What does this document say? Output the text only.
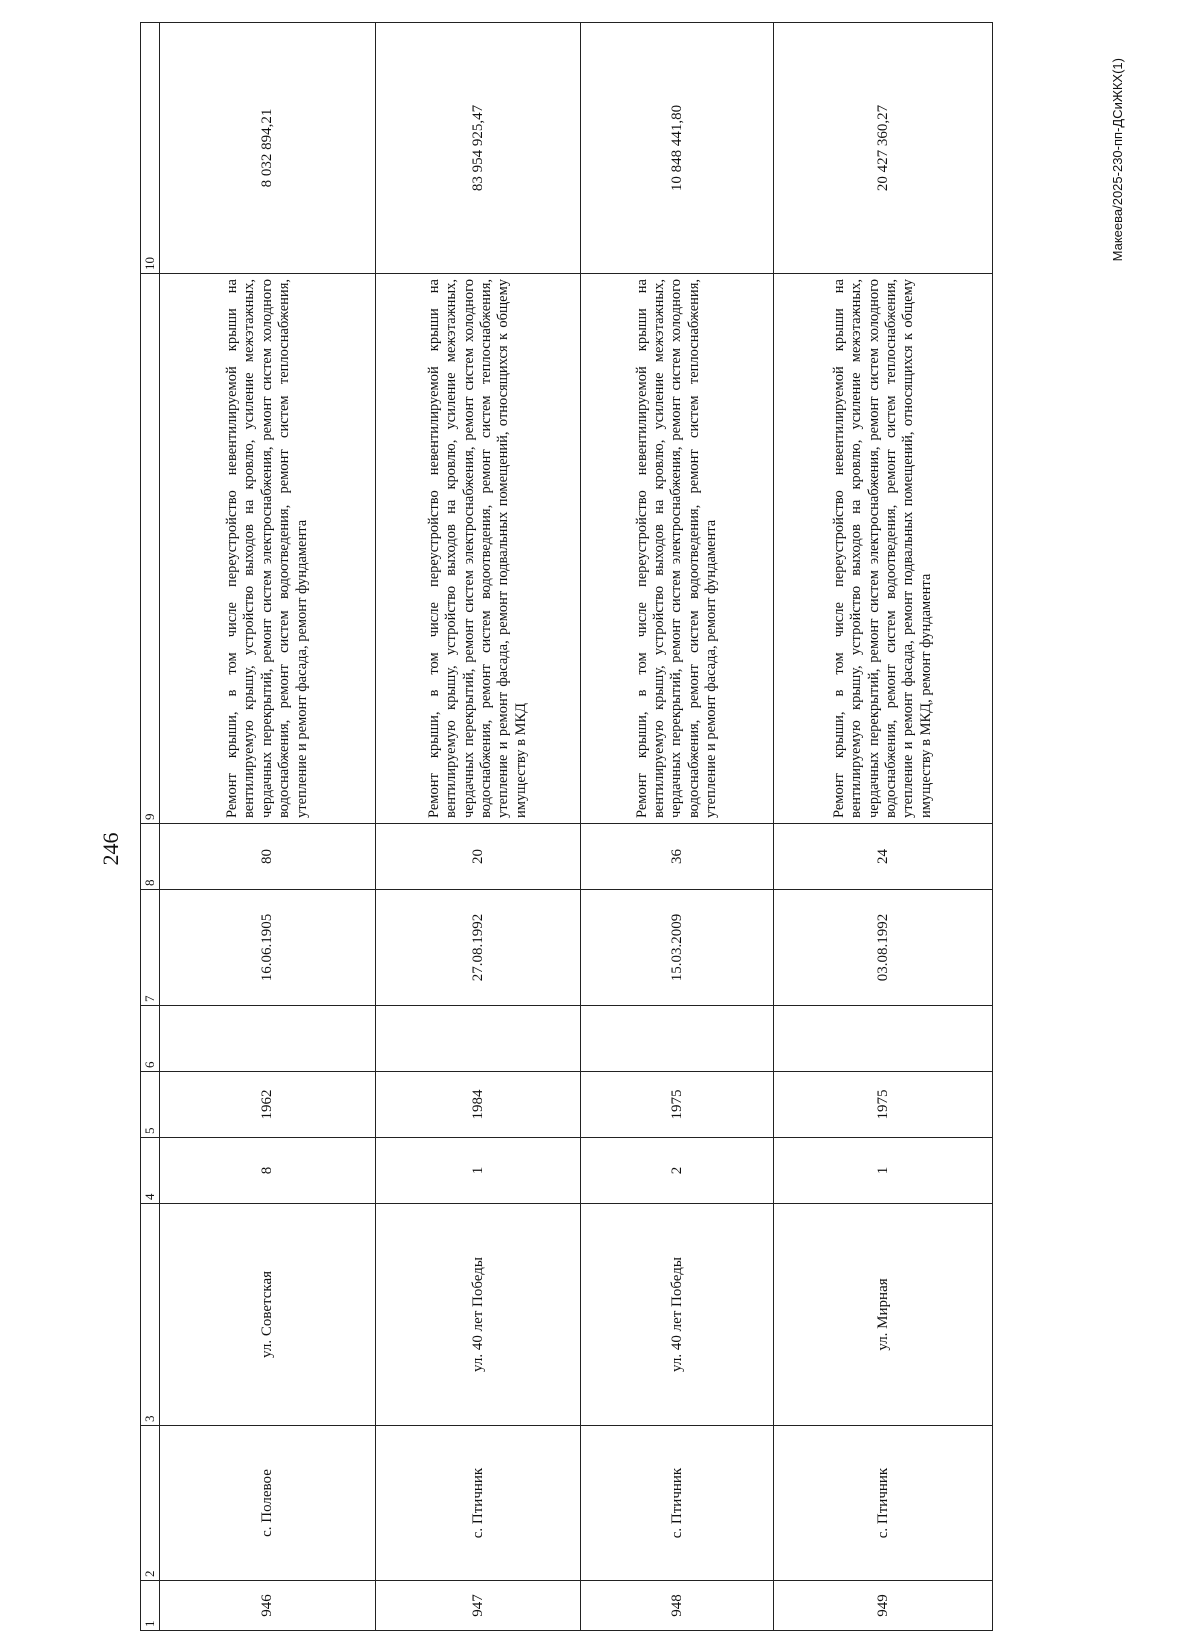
246
1	2	3	4	5	6	7	8	9	10
946	с. Полевое	ул. Советская	8	1962		16.06.1905	80	Ремонт крыши, в том числе переустройство невентилируемой крыши на вентилируемую крышу, устройство выходов на кровлю, усиление межэтажных, чердачных перекрытий, ремонт систем электроснабжения, ремонт систем холодного водоснабжения, ремонт систем водоотведения, ремонт систем теплоснабжения, утепление и ремонт фасада, ремонт фундамента	8 032 894,21
947	с. Птичник	ул. 40 лет Победы	1	1984		27.08.1992	20	Ремонт крыши, в том числе переустройство невентилируемой крыши на вентилируемую крышу, устройство выходов на кровлю, усиление межэтажных, чердачных перекрытий, ремонт систем электроснабжения, ремонт систем холодного водоснабжения, ремонт систем водоотведения, ремонт систем теплоснабжения, утепление и ремонт фасада, ремонт подвальных помещений, относящихся к общему имуществу в МКД	83 954 925,47
948	с. Птичник	ул. 40 лет Победы	2	1975		15.03.2009	36	Ремонт крыши, в том числе переустройство невентилируемой крыши на вентилируемую крышу, устройство выходов на кровлю, усиление межэтажных, чердачных перекрытий, ремонт систем электроснабжения, ремонт систем холодного водоснабжения, ремонт систем водоотведения, ремонт систем теплоснабжения, утепление и ремонт фасада, ремонт фундамента	10 848 441,80
949	с. Птичник	ул. Мирная	1	1975		03.08.1992	24	Ремонт крыши, в том числе переустройство невентилируемой крыши на вентилируемую крышу, устройство выходов на кровлю, усиление межэтажных, чердачных перекрытий, ремонт систем электроснабжения, ремонт систем холодного водоснабжения, ремонт систем водоотведения, ремонт систем теплоснабжения, утепление и ремонт фасада, ремонт подвальных помещений, относящихся к общему имуществу в МКД, ремонт фундамента	20 427 360,27	Макеева/2025-230-пп-ДСиЖКХ(1)
